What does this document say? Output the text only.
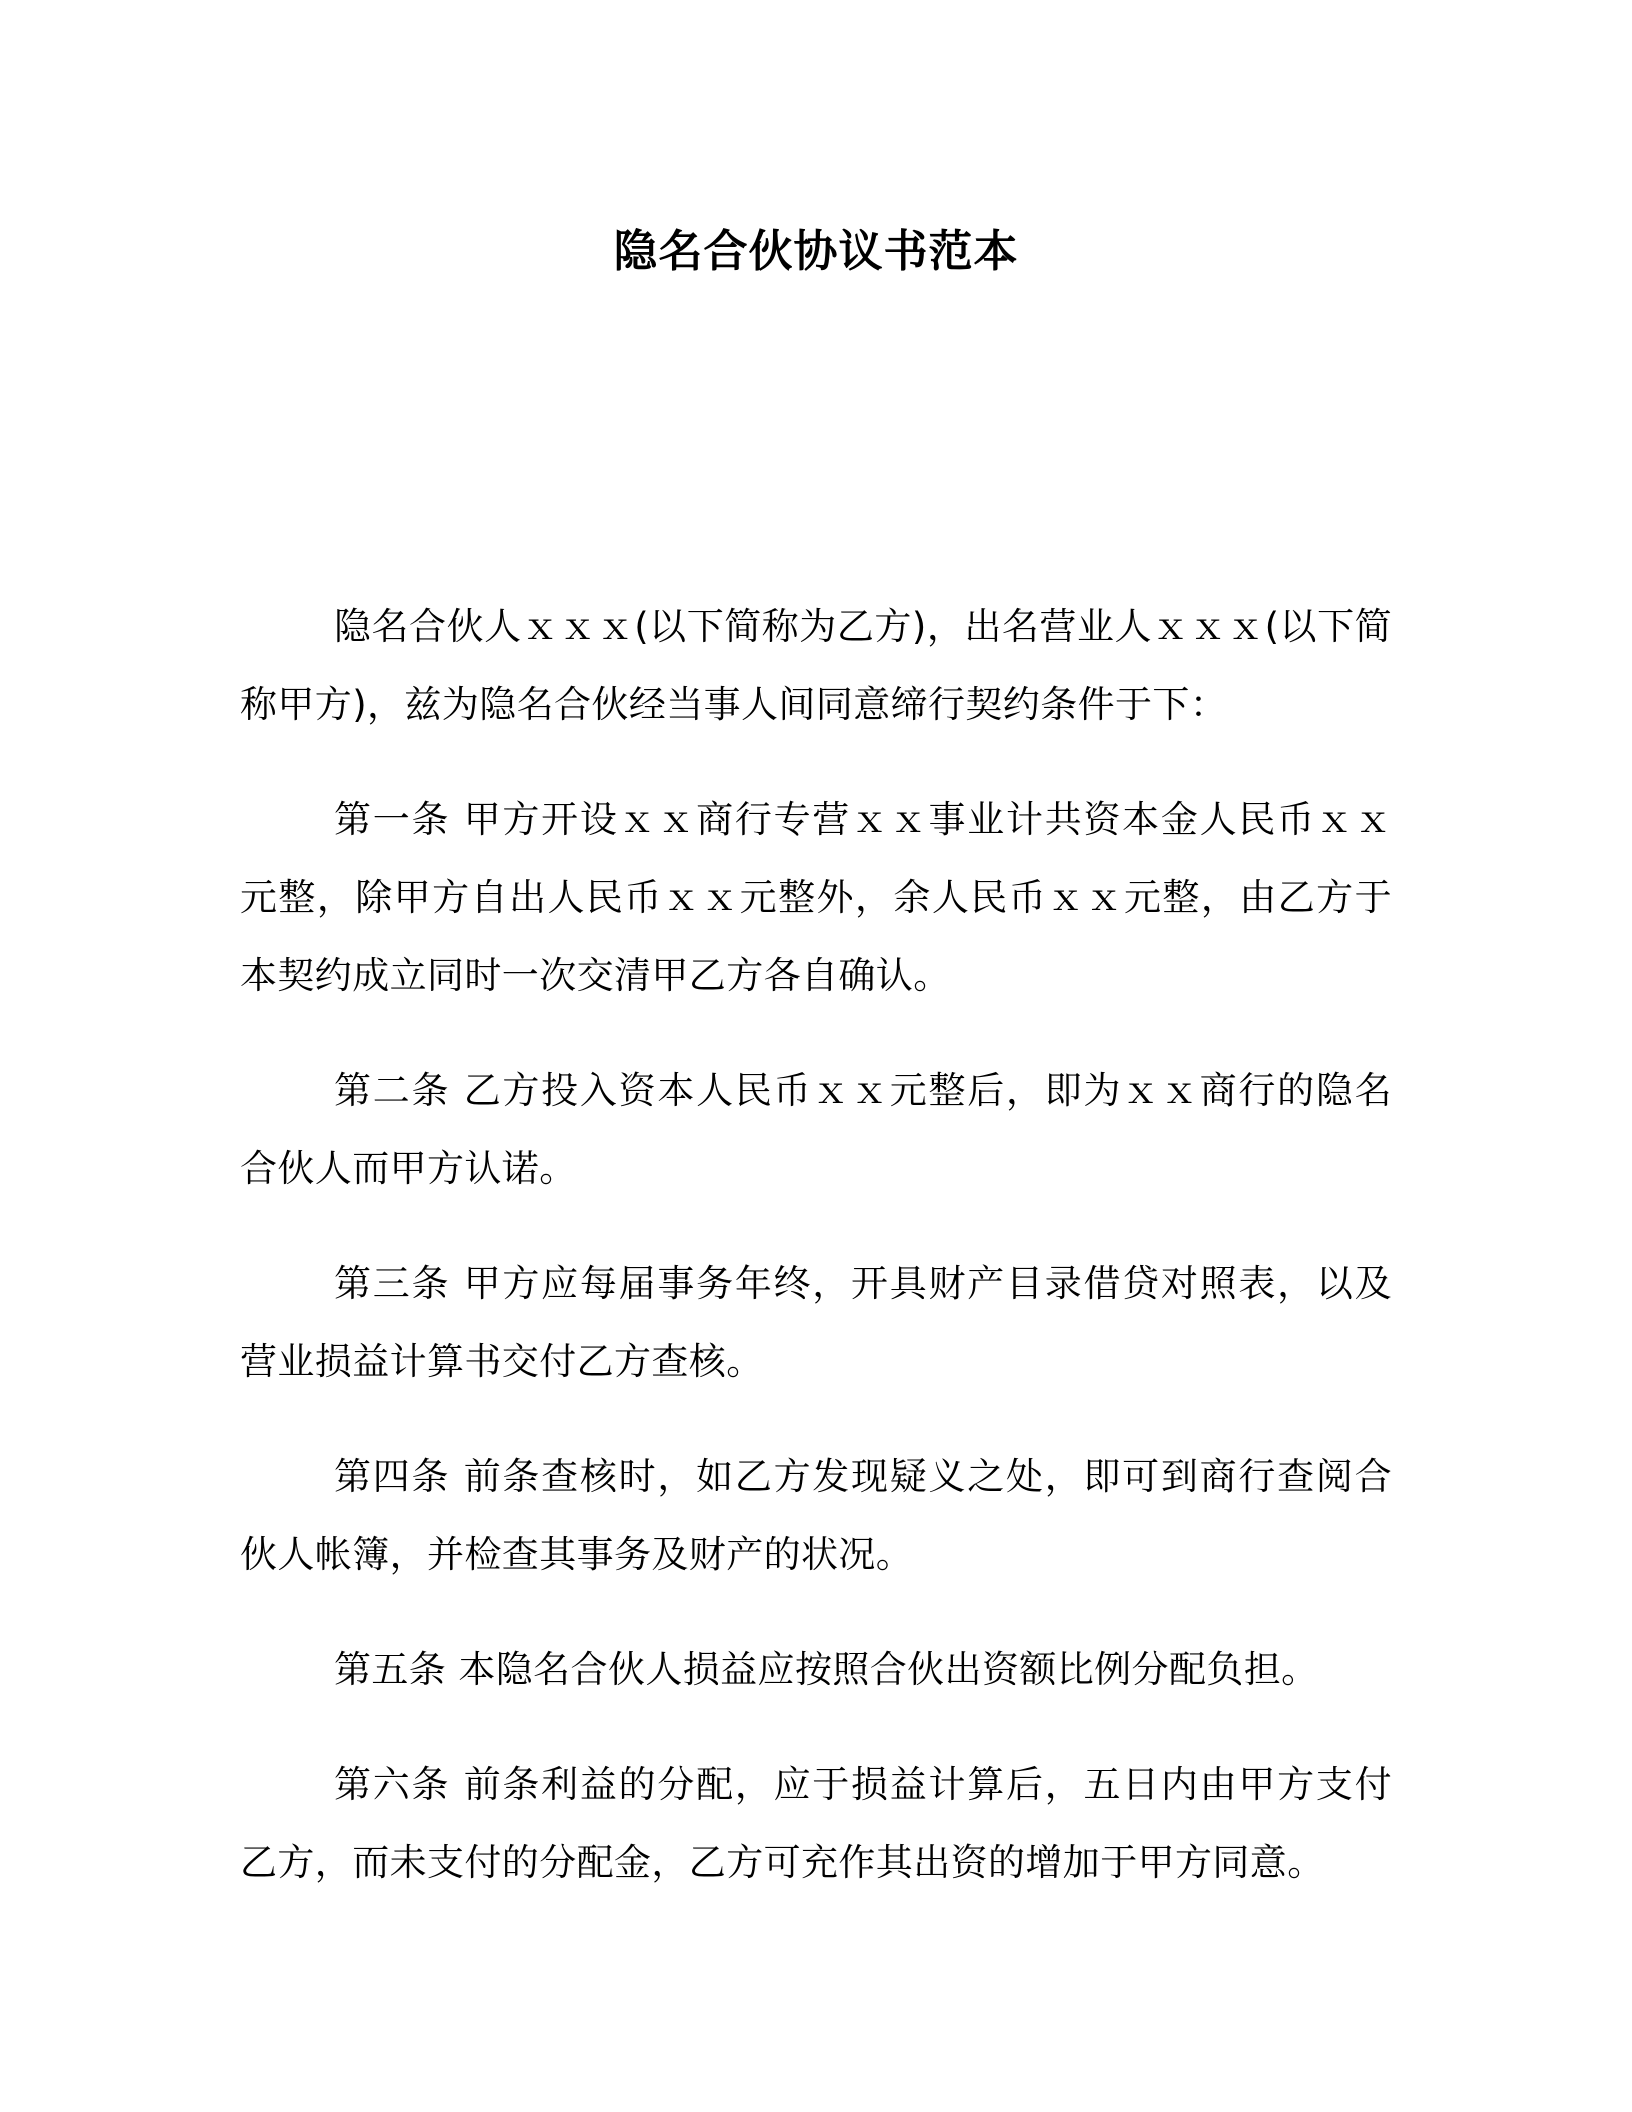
隐名合伙协议书范本

隐名合伙人ｘｘｘ(以下简称为乙方)，出名营业人ｘｘｘ(以下简称甲方)，兹为隐名合伙经当事人间同意缔行契约条件于下：

第一条 甲方开设ｘｘ商行专营ｘｘ事业计共资本金人民币ｘｘ元整，除甲方自出人民币ｘｘ元整外，余人民币ｘｘ元整，由乙方于本契约成立同时一次交清甲乙方各自确认。

第二条 乙方投入资本人民币ｘｘ元整后，即为ｘｘ商行的隐名合伙人而甲方认诺。

第三条 甲方应每届事务年终，开具财产目录借贷对照表，以及营业损益计算书交付乙方查核。

第四条 前条查核时，如乙方发现疑义之处，即可到商行查阅合伙人帐簿，并检查其事务及财产的状况。

第五条 本隐名合伙人损益应按照合伙出资额比例分配负担。

第六条 前条利益的分配，应于损益计算后，五日内由甲方支付乙方，而未支付的分配金，乙方可充作其出资的增加于甲方同意。
